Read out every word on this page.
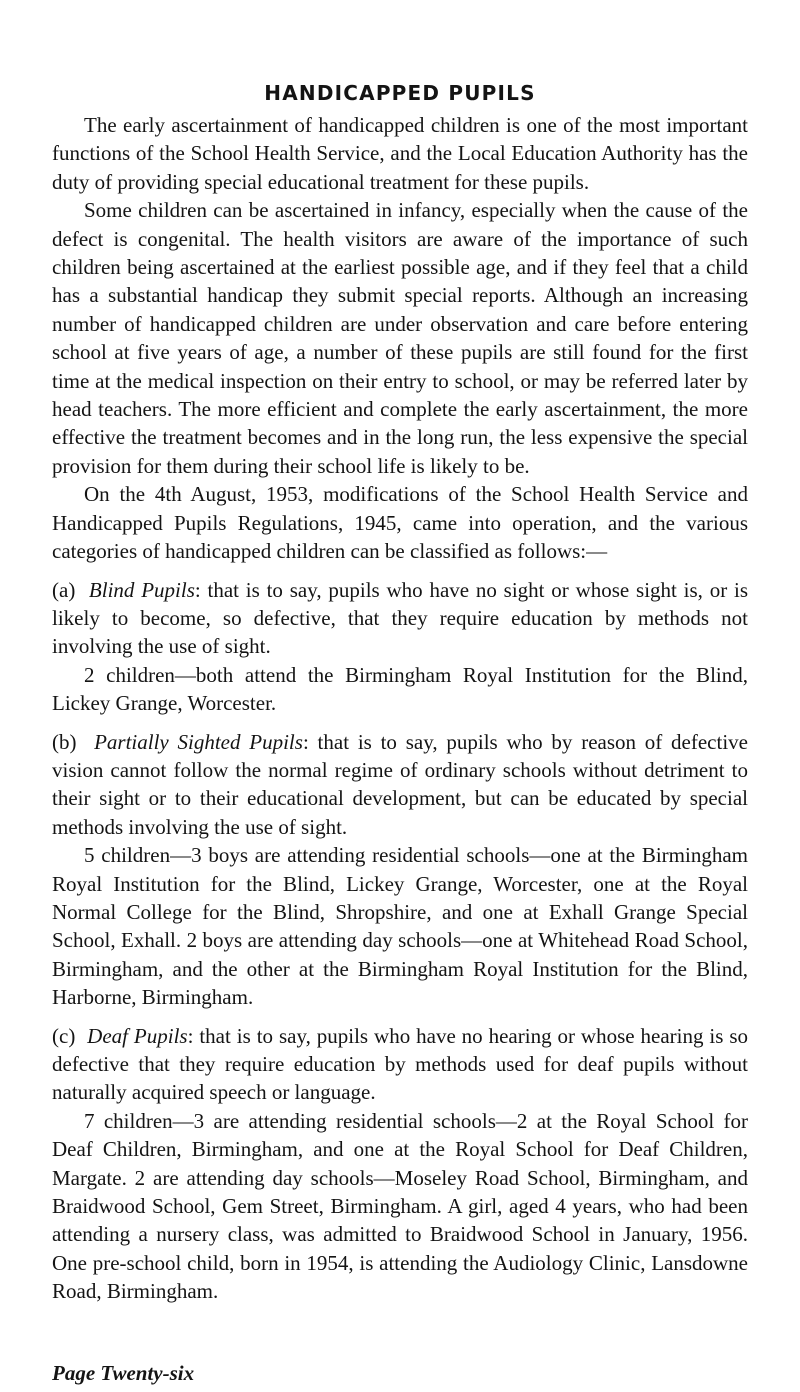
HANDICAPPED PUPILS

The early ascertainment of handicapped children is one of the most important functions of the School Health Service, and the Local Education Authority has the duty of providing special educational treatment for these pupils.

Some children can be ascertained in infancy, especially when the cause of the defect is congenital. The health visitors are aware of the importance of such children being ascertained at the earliest possible age, and if they feel that a child has a substantial handicap they submit special reports. Although an increasing number of handicapped children are under observation and care before entering school at five years of age, a number of these pupils are still found for the first time at the medical inspection on their entry to school, or may be referred later by head teachers. The more efficient and complete the early ascertainment, the more effective the treatment becomes and in the long run, the less expensive the special provision for them during their school life is likely to be.

On the 4th August, 1953, modifications of the School Health Service and Handicapped Pupils Regulations, 1945, came into operation, and the various categories of handicapped children can be classified as follows:—

(a) Blind Pupils: that is to say, pupils who have no sight or whose sight is, or is likely to become, so defective, that they require education by methods not involving the use of sight.

2 children—both attend the Birmingham Royal Institution for the Blind, Lickey Grange, Worcester.

(b) Partially Sighted Pupils: that is to say, pupils who by reason of defective vision cannot follow the normal regime of ordinary schools without detriment to their sight or to their educational development, but can be educated by special methods involving the use of sight.

5 children—3 boys are attending residential schools—one at the Birmingham Royal Institution for the Blind, Lickey Grange, Worcester, one at the Royal Normal College for the Blind, Shropshire, and one at Exhall Grange Special School, Exhall. 2 boys are attending day schools—one at Whitehead Road School, Birmingham, and the other at the Birmingham Royal Institution for the Blind, Harborne, Birmingham.

(c) Deaf Pupils: that is to say, pupils who have no hearing or whose hearing is so defective that they require education by methods used for deaf pupils without naturally acquired speech or language.

7 children—3 are attending residential schools—2 at the Royal School for Deaf Children, Birmingham, and one at the Royal School for Deaf Children, Margate. 2 are attending day schools—Moseley Road School, Birmingham, and Braidwood School, Gem Street, Birmingham. A girl, aged 4 years, who had been attending a nursery class, was admitted to Braidwood School in January, 1956. One pre-school child, born in 1954, is attending the Audiology Clinic, Lansdowne Road, Birmingham.

Page Twenty-six
